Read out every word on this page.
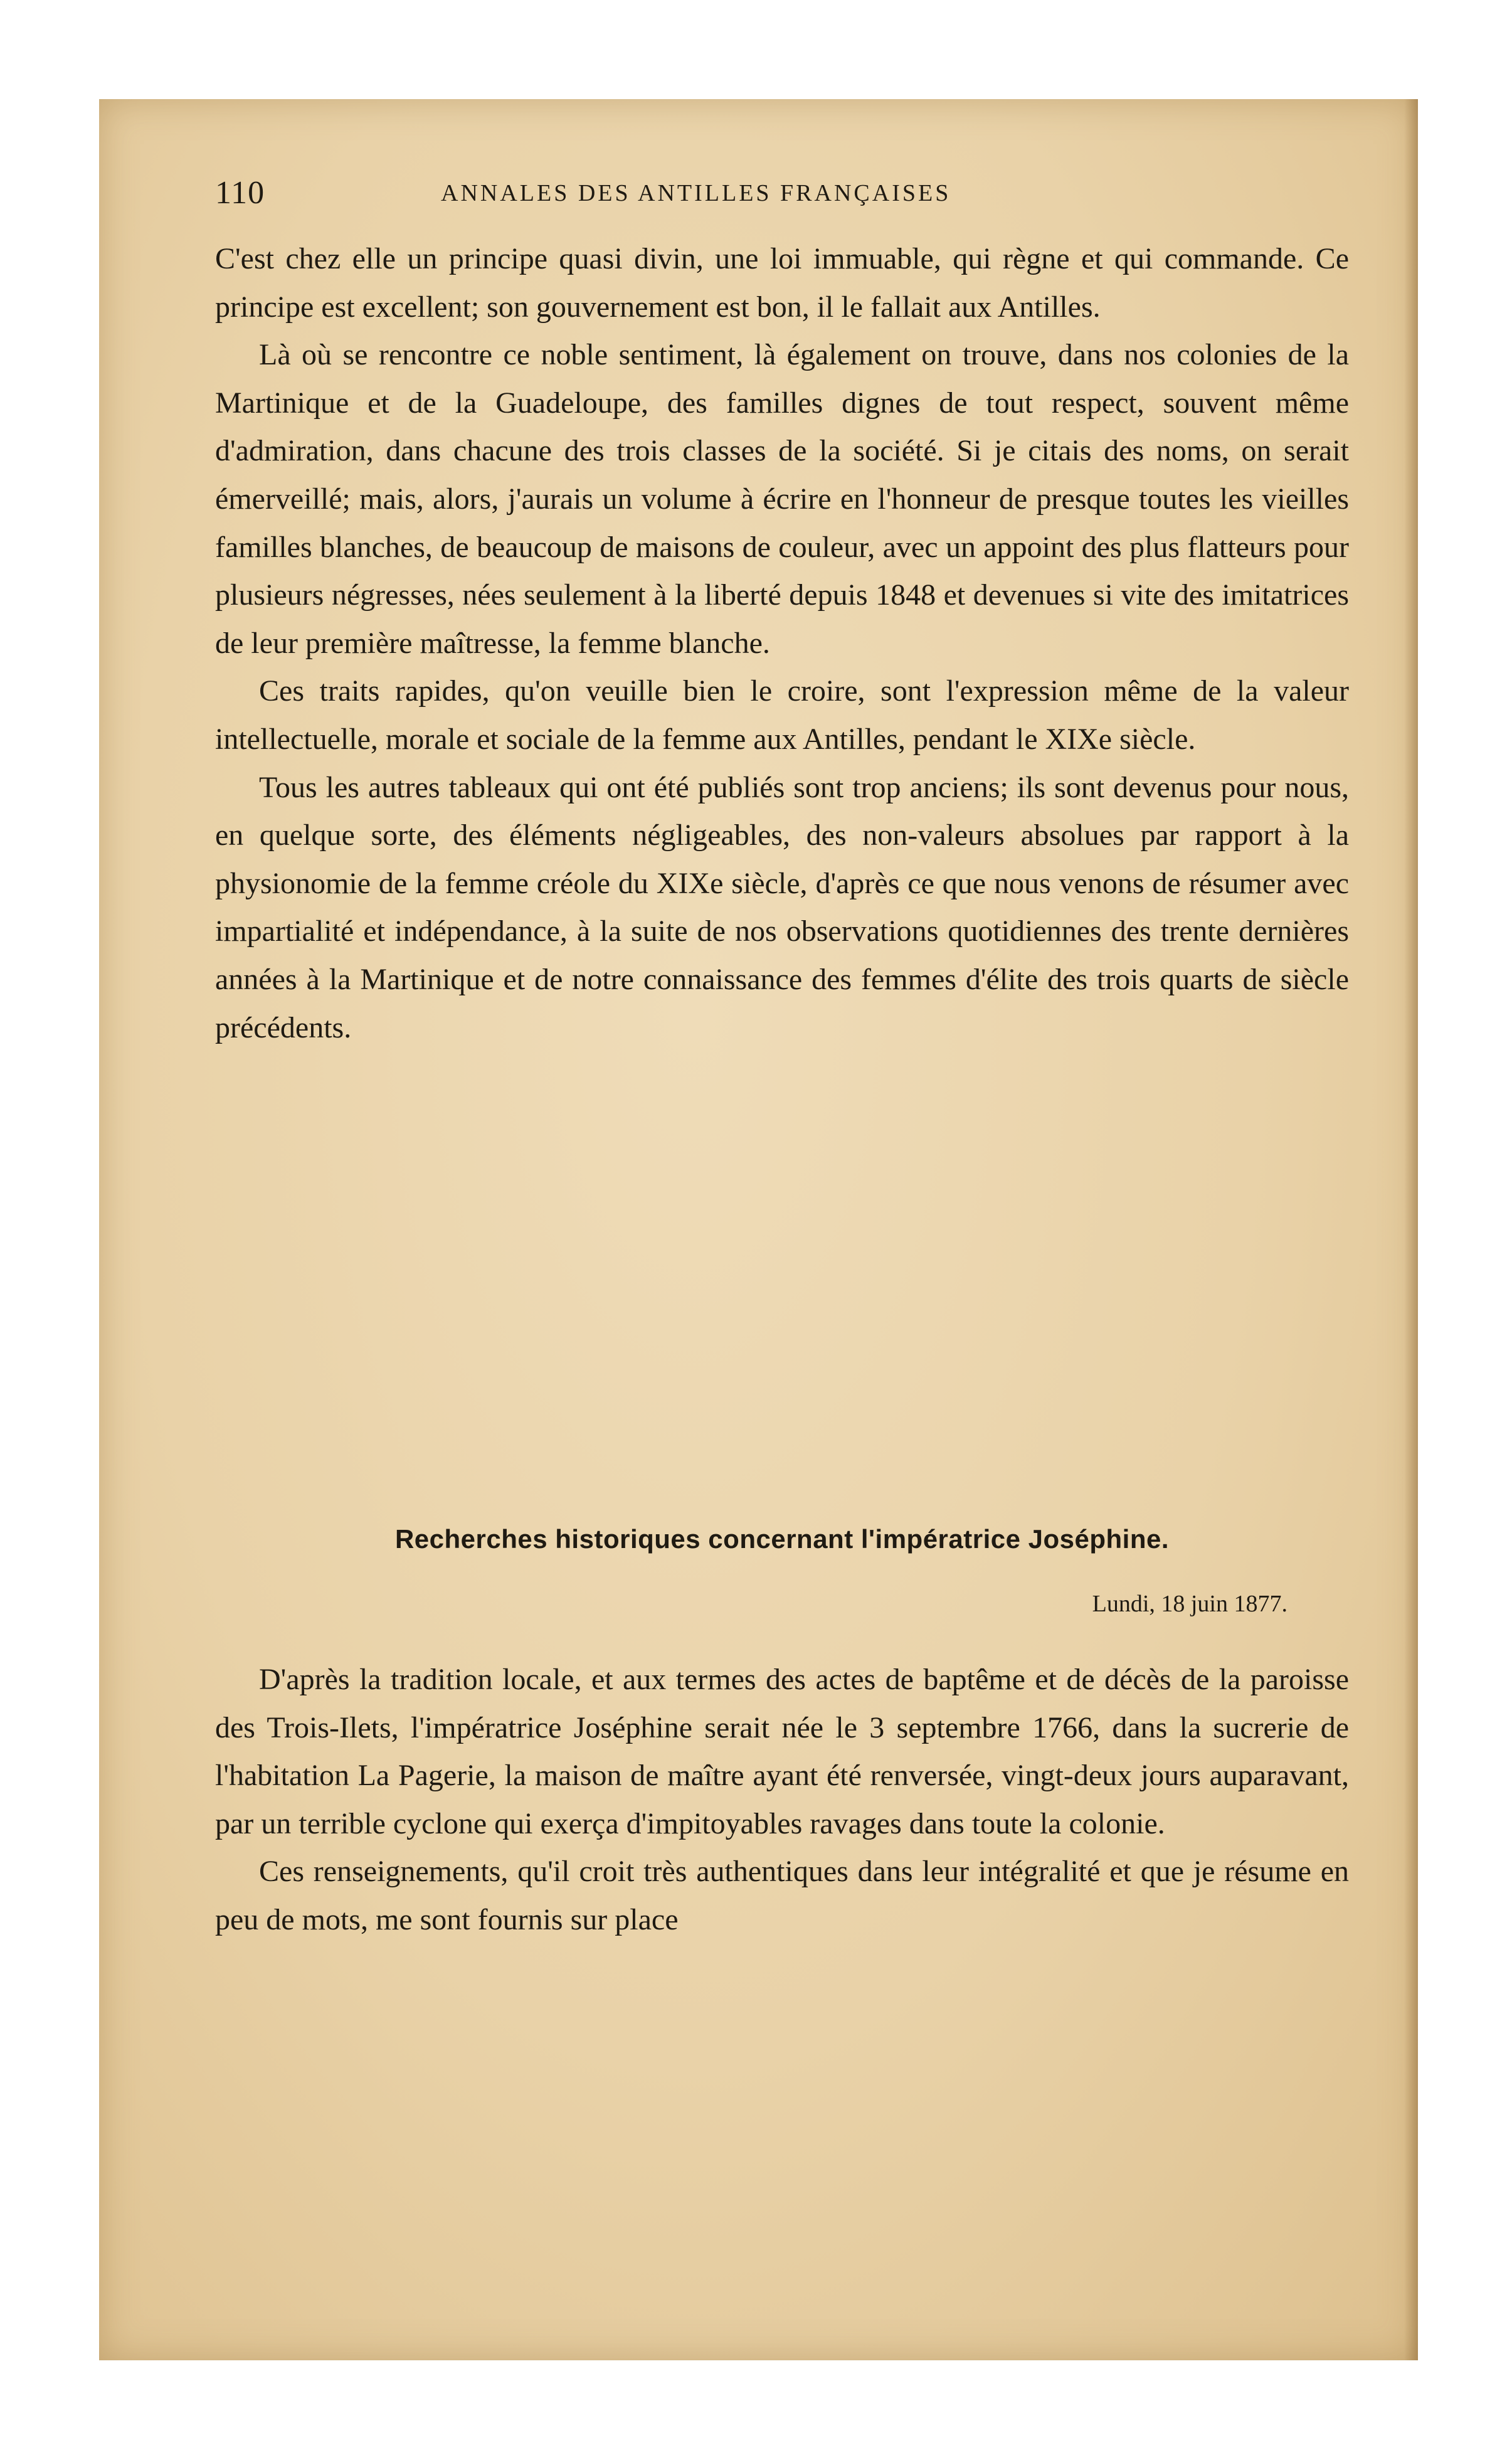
110	ANNALES DES ANTILLES FRANÇAISES

C'est chez elle un principe quasi divin, une loi immuable, qui règne et qui commande. Ce principe est excellent; son gouvernement est bon, il le fallait aux Antilles.

Là où se rencontre ce noble sentiment, là également on trouve, dans nos colonies de la Martinique et de la Guadeloupe, des familles dignes de tout respect, souvent même d'admiration, dans chacune des trois classes de la société. Si je citais des noms, on serait émerveillé; mais, alors, j'aurais un volume à écrire en l'honneur de presque toutes les vieilles familles blanches, de beaucoup de maisons de couleur, avec un appoint des plus flatteurs pour plusieurs négresses, nées seulement à la liberté depuis 1848 et devenues si vite des imitatrices de leur première maîtresse, la femme blanche.

Ces traits rapides, qu'on veuille bien le croire, sont l'expression même de la valeur intellectuelle, morale et sociale de la femme aux Antilles, pendant le XIXe siècle.

Tous les autres tableaux qui ont été publiés sont trop anciens; ils sont devenus pour nous, en quelque sorte, des éléments négligeables, des non-valeurs absolues par rapport à la physionomie de la femme créole du XIXe siècle, d'après ce que nous venons de résumer avec impartialité et indépendance, à la suite de nos observations quotidiennes des trente dernières années à la Martinique et de notre connaissance des femmes d'élite des trois quarts de siècle précédents.

Recherches historiques concernant l'impératrice Joséphine.
Lundi, 18 juin 1877.

D'après la tradition locale, et aux termes des actes de baptême et de décès de la paroisse des Trois-Ilets, l'impératrice Joséphine serait née le 3 septembre 1766, dans la sucrerie de l'habitation La Pagerie, la maison de maître ayant été renversée, vingt-deux jours auparavant, par un terrible cyclone qui exerça d'impitoyables ravages dans toute la colonie.

Ces renseignements, qu'il croit très authentiques dans leur intégralité et que je résume en peu de mots, me sont fournis sur place
